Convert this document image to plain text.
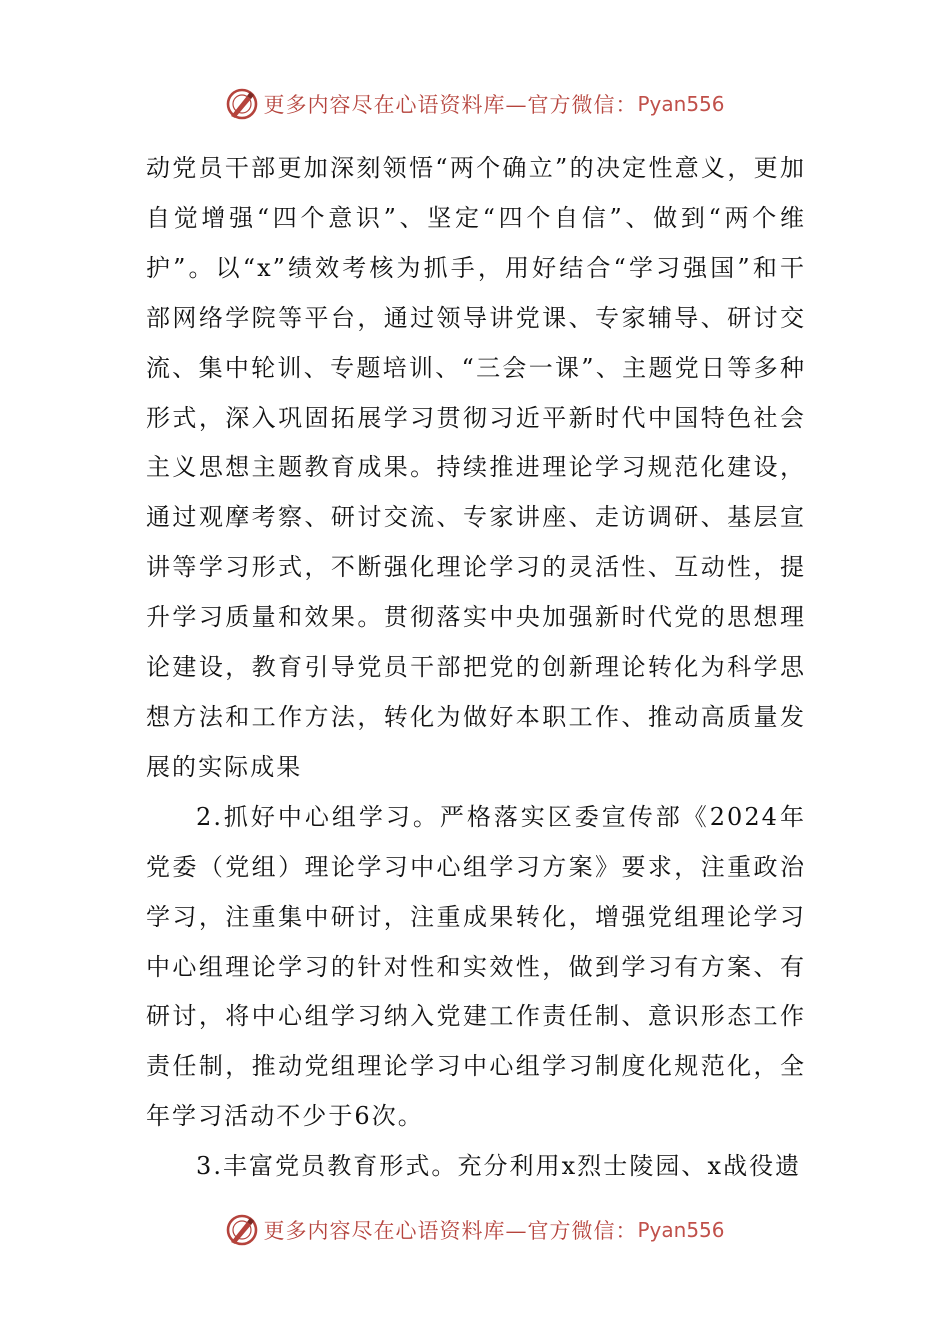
更多内容尽在心语资料库—官方微信： Pyan556

动党员干部更加深刻领悟“两个确立”的决定性意义，更加自觉增强“四个意识”、坚定“四个自信”、做到“两个维护”。以“x”绩效考核为抓手，用好结合“学习强国”和干部网络学院等平台，通过领导讲党课、专家辅导、研讨交流、集中轮训、专题培训、“三会一课”、主题党日等多种形式，深入巩固拓展学习贯彻习近平新时代中国特色社会主义思想主题教育成果。持续推进理论学习规范化建设，通过观摩考察、研讨交流、专家讲座、走访调研、基层宣讲等学习形式，不断强化理论学习的灵活性、互动性，提升学习质量和效果。贯彻落实中央加强新时代党的思想理论建设，教育引导党员干部把党的创新理论转化为科学思想方法和工作方法，转化为做好本职工作、推动高质量发展的实际成果

2.抓好中心组学习。严格落实区委宣传部《2024年党委（党组）理论学习中心组学习方案》要求，注重政治学习，注重集中研讨，注重成果转化，增强党组理论学习中心组理论学习的针对性和实效性，做到学习有方案、有研讨，将中心组学习纳入党建工作责任制、意识形态工作责任制，推动党组理论学习中心组学习制度化规范化，全年学习活动不少于6次。

3.丰富党员教育形式。充分利用x烈士陵园、x战役遗

更多内容尽在心语资料库—官方微信： Pyan556
